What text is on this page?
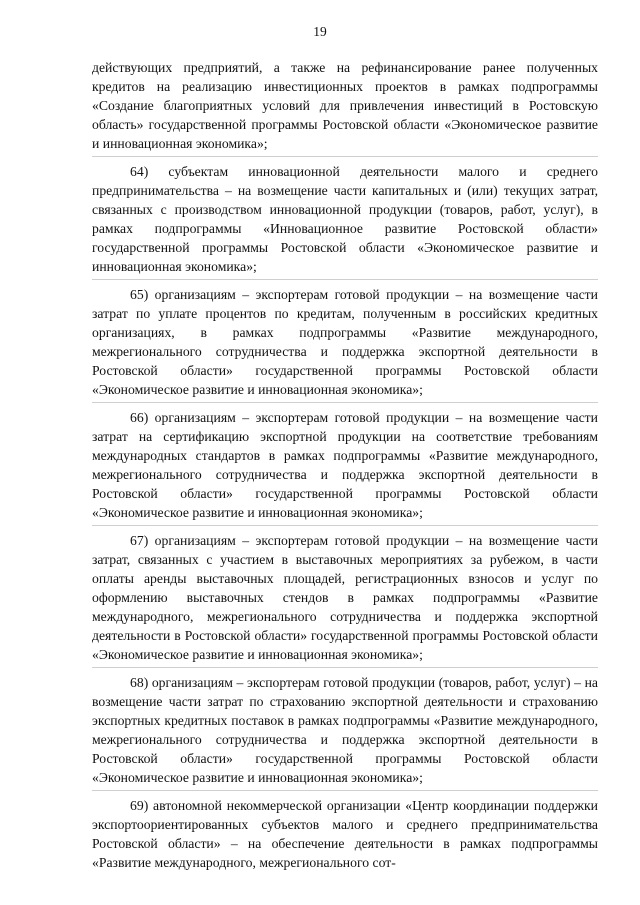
19

действующих предприятий, а также на рефинансирование ранее полученных кредитов на реализацию инвестиционных проектов в рамках подпрограммы «Создание благоприятных условий для привлечения инвестиций в Ростовскую область» государственной программы Ростовской области «Экономическое развитие и инновационная экономика»;

64) субъектам инновационной деятельности малого и среднего предпринимательства – на возмещение части капитальных и (или) текущих затрат, связанных с производством инновационной продукции (товаров, работ, услуг), в рамках подпрограммы «Инновационное развитие Ростовской области» государственной программы Ростовской области «Экономическое развитие и инновационная экономика»;

65) организациям – экспортерам готовой продукции – на возмещение части затрат по уплате процентов по кредитам, полученным в российских кредитных организациях, в рамках подпрограммы «Развитие международного, межрегионального сотрудничества и поддержка экспортной деятельности в Ростовской области» государственной программы Ростовской области «Экономическое развитие и инновационная экономика»;

66) организациям – экспортерам готовой продукции – на возмещение части затрат на сертификацию экспортной продукции на соответствие требованиям международных стандартов в рамках подпрограммы «Развитие международного, межрегионального сотрудничества и поддержка экспортной деятельности в Ростовской области» государственной программы Ростовской области «Экономическое развитие и инновационная экономика»;

67) организациям – экспортерам готовой продукции – на возмещение части затрат, связанных с участием в выставочных мероприятиях за рубежом, в части оплаты аренды выставочных площадей, регистрационных взносов и услуг по оформлению выставочных стендов в рамках подпрограммы «Развитие международного, межрегионального сотрудничества и поддержка экспортной деятельности в Ростовской области» государственной программы Ростовской области «Экономическое развитие и инновационная экономика»;

68) организациям – экспортерам готовой продукции (товаров, работ, услуг) – на возмещение части затрат по страхованию экспортной деятельности и страхованию экспортных кредитных поставок в рамках подпрограммы «Развитие международного, межрегионального сотрудничества и поддержка экспортной деятельности в Ростовской области» государственной программы Ростовской области «Экономическое развитие и инновационная экономика»;

69) автономной некоммерческой организации «Центр координации поддержки экспортоориентированных субъектов малого и среднего предпринимательства Ростовской области» – на обеспечение деятельности в рамках подпрограммы «Развитие международного, межрегионального сот-
